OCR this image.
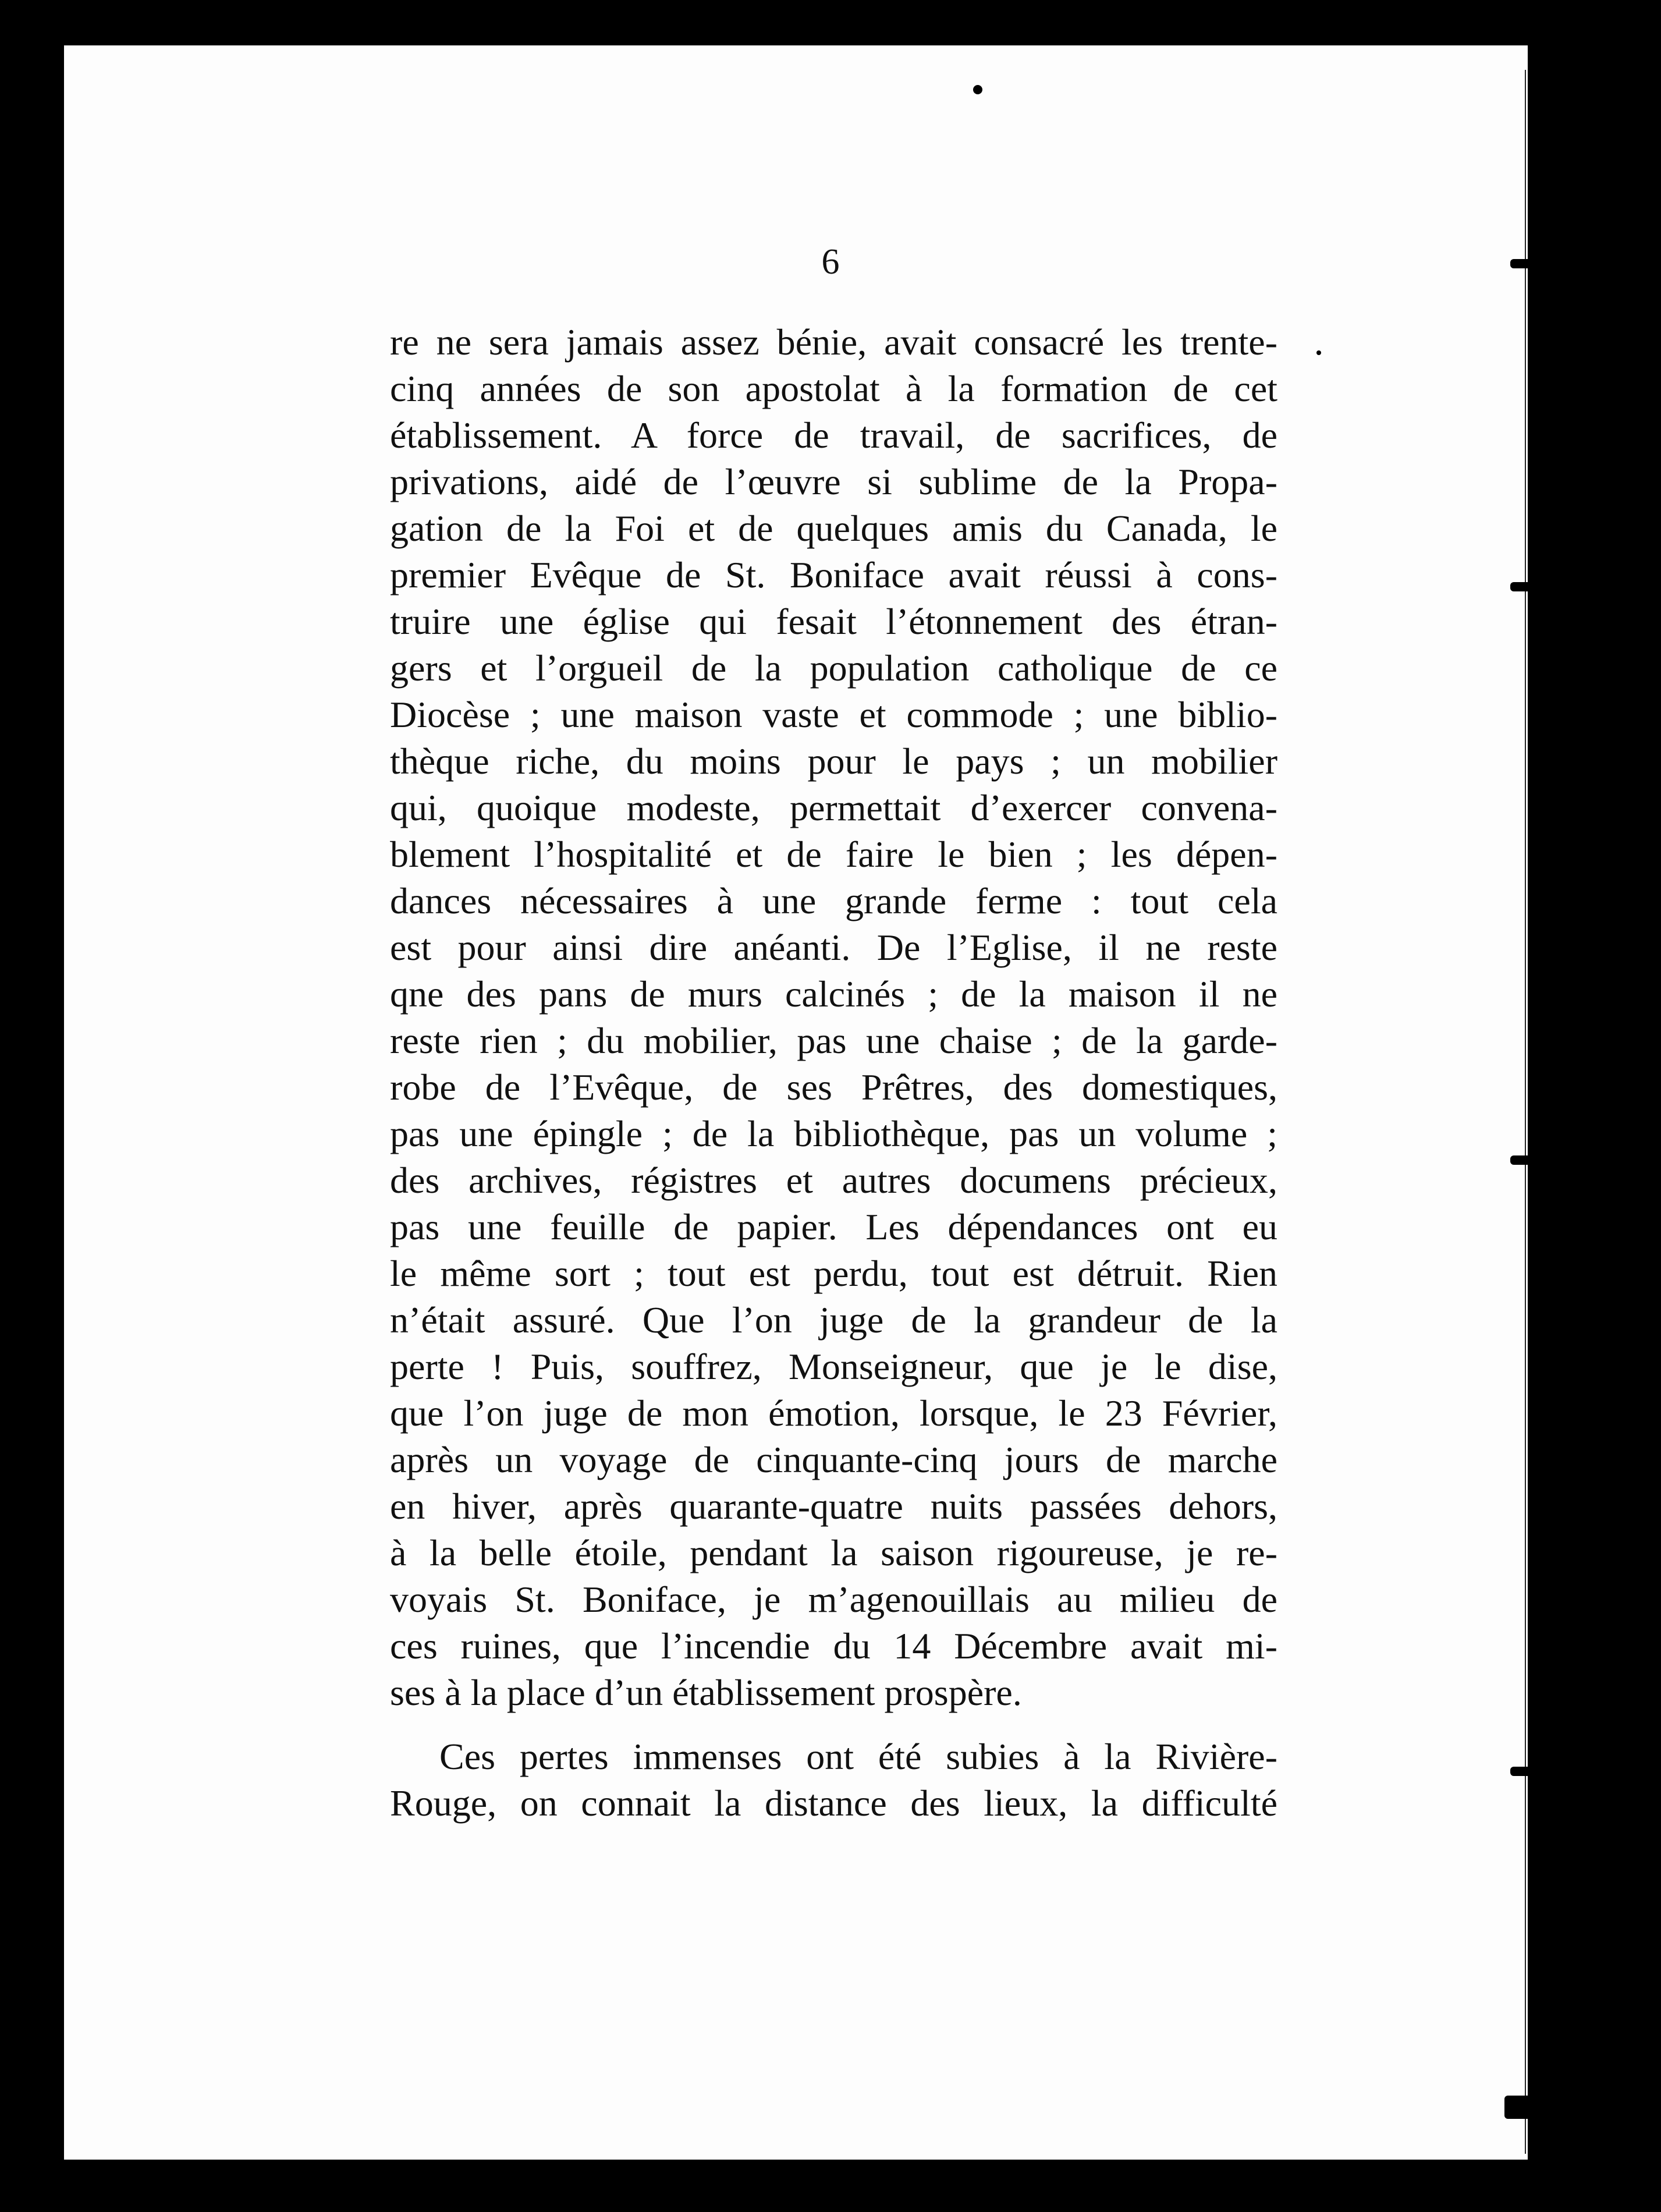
6
re ne sera jamais assez bénie, avait consacré les trente-
cinq années de son apostolat à la formation de cet
établissement. A force de travail, de sacrifices, de
privations, aidé de l’œuvre si sublime de la Propa-
gation de la Foi et de quelques amis du Canada, le
premier Evêque de St. Boniface avait réussi à cons-
truire une église qui fesait l’étonnement des étran-
gers et l’orgueil de la population catholique de ce
Diocèse ; une maison vaste et commode ; une biblio-
thèque riche, du moins pour le pays ; un mobilier
qui, quoique modeste, permettait d’exercer convena-
blement l’hospitalité et de faire le bien ; les dépen-
dances nécessaires à une grande ferme : tout cela
est pour ainsi dire anéanti. De l’Eglise, il ne reste
qne des pans de murs calcinés ; de la maison il ne
reste rien ; du mobilier, pas une chaise ; de la garde-
robe de l’Evêque, de ses Prêtres, des domestiques,
pas une épingle ; de la bibliothèque, pas un volume ;
des archives, régistres et autres documens précieux,
pas une feuille de papier. Les dépendances ont eu
le même sort ; tout est perdu, tout est détruit. Rien
n’était assuré. Que l’on juge de la grandeur de la
perte ! Puis, souffrez, Monseigneur, que je le dise,
que l’on juge de mon émotion, lorsque, le 23 Février,
après un voyage de cinquante-cinq jours de marche
en hiver, après quarante-quatre nuits passées dehors,
à la belle étoile, pendant la saison rigoureuse, je re-
voyais St. Boniface, je m’agenouillais au milieu de
ces ruines, que l’incendie du 14 Décembre avait mi-
ses à la place d’un établissement prospère.
Ces pertes immenses ont été subies à la Rivière-
Rouge, on connait la distance des lieux, la difficulté
